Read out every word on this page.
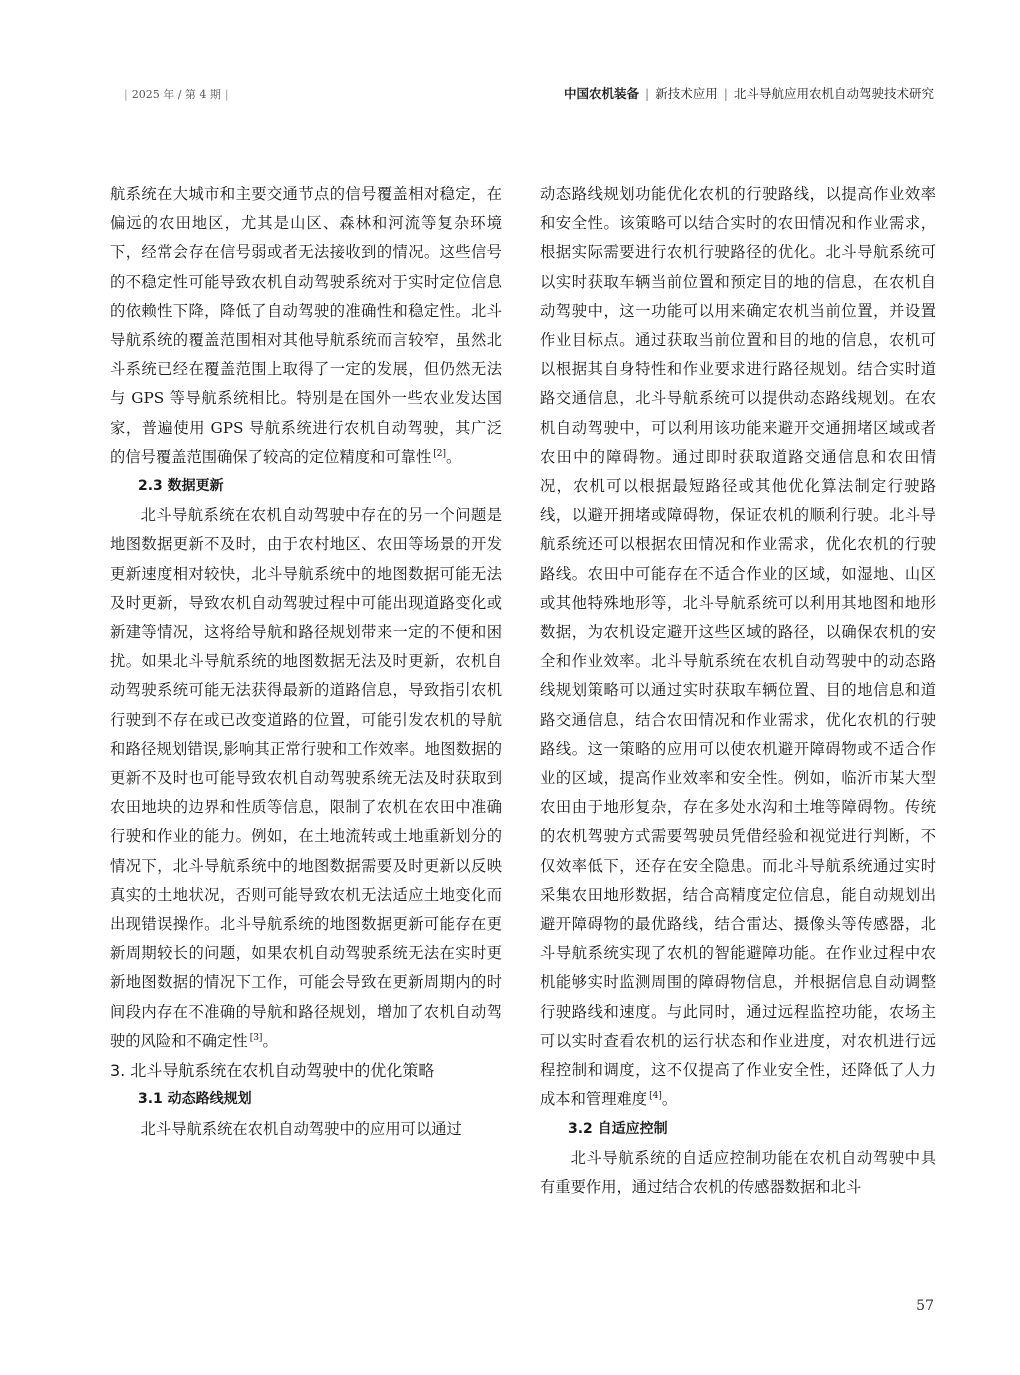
| 2025 年 / 第 4 期 |	中国农机装备 | 新技术应用 | 北斗导航应用农机自动驾驶技术研究

航系统在大城市和主要交通节点的信号覆盖相对稳定，在偏远的农田地区，尤其是山区、森林和河流等复杂环境下，经常会存在信号弱或者无法接收到的情况。这些信号的不稳定性可能导致农机自动驾驶系统对于实时定位信息的依赖性下降，降低了自动驾驶的准确性和稳定性。北斗导航系统的覆盖范围相对其他导航系统而言较窄，虽然北斗系统已经在覆盖范围上取得了一定的发展，但仍然无法与 GPS 等导航系统相比。特别是在国外一些农业发达国家，普遍使用 GPS 导航系统进行农机自动驾驶，其广泛的信号覆盖范围确保了较高的定位精度和可靠性 [2]。

2.3 数据更新

北斗导航系统在农机自动驾驶中存在的另一个问题是地图数据更新不及时，由于农村地区、农田等场景的开发更新速度相对较快，北斗导航系统中的地图数据可能无法及时更新，导致农机自动驾驶过程中可能出现道路变化或新建等情况，这将给导航和路径规划带来一定的不便和困扰。如果北斗导航系统的地图数据无法及时更新，农机自动驾驶系统可能无法获得最新的道路信息，导致指引农机行驶到不存在或已改变道路的位置，可能引发农机的导航和路径规划错误,影响其正常行驶和工作效率。地图数据的更新不及时也可能导致农机自动驾驶系统无法及时获取到农田地块的边界和性质等信息，限制了农机在农田中准确行驶和作业的能力。例如，在土地流转或土地重新划分的情况下，北斗导航系统中的地图数据需要及时更新以反映真实的土地状况，否则可能导致农机无法适应土地变化而出现错误操作。北斗导航系统的地图数据更新可能存在更新周期较长的问题，如果农机自动驾驶系统无法在实时更新地图数据的情况下工作，可能会导致在更新周期内的时间段内存在不准确的导航和路径规划，增加了农机自动驾驶的风险和不确定性 [3]。

3. 北斗导航系统在农机自动驾驶中的优化策略

3.1 动态路线规划

北斗导航系统在农机自动驾驶中的应用可以通过

动态路线规划功能优化农机的行驶路线，以提高作业效率和安全性。该策略可以结合实时的农田情况和作业需求，根据实际需要进行农机行驶路径的优化。北斗导航系统可以实时获取车辆当前位置和预定目的地的信息，在农机自动驾驶中，这一功能可以用来确定农机当前位置，并设置作业目标点。通过获取当前位置和目的地的信息，农机可以根据其自身特性和作业要求进行路径规划。结合实时道路交通信息，北斗导航系统可以提供动态路线规划。在农机自动驾驶中，可以利用该功能来避开交通拥堵区域或者农田中的障碍物。通过即时获取道路交通信息和农田情况，农机可以根据最短路径或其他优化算法制定行驶路线，以避开拥堵或障碍物，保证农机的顺利行驶。北斗导航系统还可以根据农田情况和作业需求，优化农机的行驶路线。农田中可能存在不适合作业的区域，如湿地、山区或其他特殊地形等，北斗导航系统可以利用其地图和地形数据，为农机设定避开这些区域的路径，以确保农机的安全和作业效率。北斗导航系统在农机自动驾驶中的动态路线规划策略可以通过实时获取车辆位置、目的地信息和道路交通信息，结合农田情况和作业需求，优化农机的行驶路线。这一策略的应用可以使农机避开障碍物或不适合作业的区域，提高作业效率和安全性。例如，临沂市某大型农田由于地形复杂，存在多处水沟和土堆等障碍物。传统的农机驾驶方式需要驾驶员凭借经验和视觉进行判断，不仅效率低下，还存在安全隐患。而北斗导航系统通过实时采集农田地形数据，结合高精度定位信息，能自动规划出避开障碍物的最优路线，结合雷达、摄像头等传感器，北斗导航系统实现了农机的智能避障功能。在作业过程中农机能够实时监测周围的障碍物信息，并根据信息自动调整行驶路线和速度。与此同时，通过远程监控功能，农场主可以实时查看农机的运行状态和作业进度，对农机进行远程控制和调度，这不仅提高了作业安全性，还降低了人力成本和管理难度 [4]。

3.2 自适应控制

北斗导航系统的自适应控制功能在农机自动驾驶中具有重要作用，通过结合农机的传感器数据和北斗

57
